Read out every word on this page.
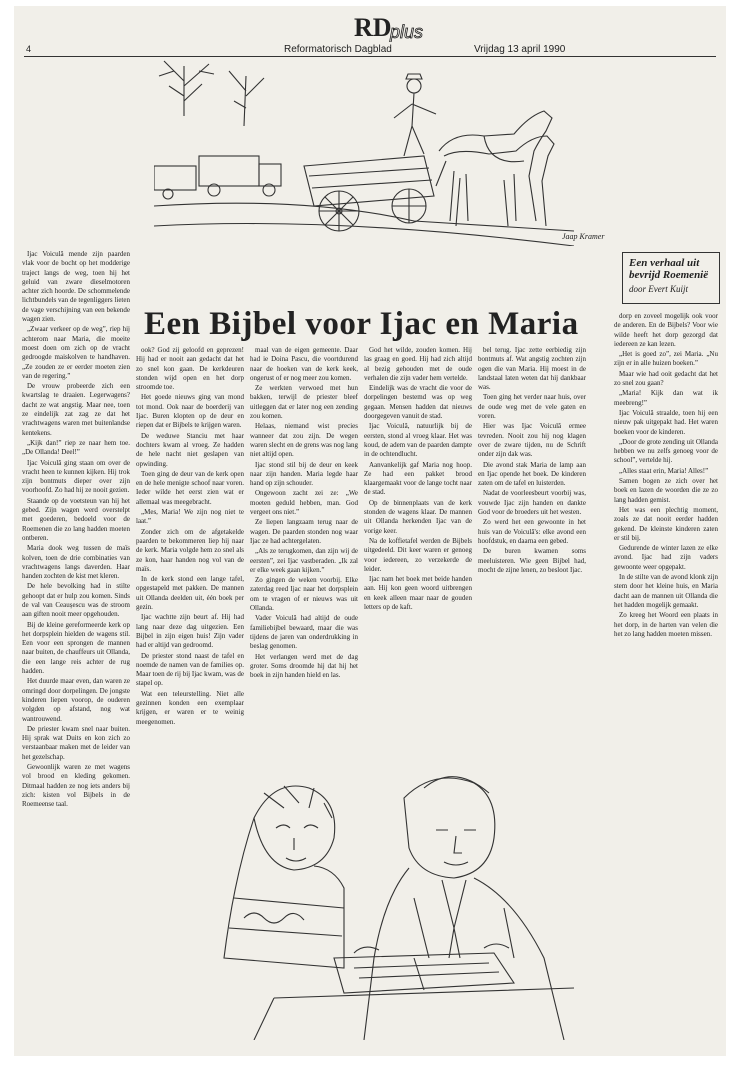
RD
plus
4	Reformatorisch Dagblad	Vrijdag 13 april 1990
Jaap Kramer
Een verhaal uit bevrijd Roemenië
door Evert Kuijt
Een Bijbel voor Ijac en Maria

Ijac Voiculă mende zijn paarden vlak voor de bocht op het modderige traject langs de weg, toen hij het geluid van zware dieselmotoren achter zich hoorde. De schommelende lichtbundels van de tegenliggers lieten de vage verschijning van een bekende wagen zien.

„Zwaar verkeer op de weg”, riep hij achterom naar Maria, die moeite moest doen om zich op de vracht gedroogde maiskolven te handhaven. „Ze zouden ze er eerder moeten zien van de regering.”

De vrouw probeerde zich een kwartslag te draaien. Legerwagens? dacht ze wat angstig. Maar nee, toen ze eindelijk zat zag ze dat het vrachtwagens waren met buitenlandse kentekens.

„Kijk dan!” riep ze naar hem toe. „De Ollanda! Deel!”

Ijac Voiculă ging staan om over de vracht heen te kunnen kijken. Hij trok zijn bontmuts dieper over zijn voorhoofd. Zo had hij ze nooit gezien.

Staande op de voetsteun van hij het gebed. Zijn wagen werd overstelpt met goederen, bedoeld voor de Roemenen die zo lang hadden moeten ontberen.

Maria dook weg tussen de maïs kolven, toen de drie combinaties van vrachtwagens langs daverden. Haar handen zochten de kist met kleren.

De hele bevolking had in stilte gehoopt dat er hulp zou komen. Sinds de val van Ceaușescu was de stroom aan giften nooit meer opgehouden.

Bij de kleine gereformeerde kerk op het dorpsplein hielden de wagens stil. Een voor een sprongen de mannen naar buiten, de chauffeurs uit Ollanda, die een lange reis achter de rug hadden.

Het duurde maar even, dan waren ze omringd door dorpelingen. De jongste kinderen liepen voorop, de ouderen volgden op afstand, nog wat wantrouwend.

De priester kwam snel naar buiten. Hij sprak wat Duits en kon zich zo verstaanbaar maken met de leider van het gezelschap.

Gewoonlijk waren ze met wagens vol brood en kleding gekomen. Ditmaal hadden ze nog iets anders bij zich: kisten vol Bijbels in de Roemeense taal.

ook? God zij geloofd en geprezen! Hij had er nooit aan gedacht dat het zo snel kon gaan. De kerkdeuren stonden wijd open en het dorp stroomde toe.

Het goede nieuws ging van mond tot mond. Ook naar de boerderij van Ijac. Buren klopten op de deur en riepen dat er Bijbels te krijgen waren.

De weduwe Stanciu met haar dochters kwam al vroeg. Ze hadden de hele nacht niet geslapen van opwinding.

Toen ging de deur van de kerk open en de hele menigte schoof naar voren. Ieder wilde het eerst zien wat er allemaal was meegebracht.

„Mes, Maria! We zijn nog niet te laat.”

Zonder zich om de afgetakelde paarden te bekommeren liep hij naar de kerk. Maria volgde hem zo snel als ze kon, haar handen nog vol van de maïs.

In de kerk stond een lange tafel, opgestapeld met pakken. De mannen uit Ollanda deelden uit, één boek per gezin.

Ijac wachtte zijn beurt af. Hij had lang naar deze dag uitgezien. Een Bijbel in zijn eigen huis! Zijn vader had er altijd van gedroomd.

De priester stond naast de tafel en noemde de namen van de families op. Maar toen de rij bij Ijac kwam, was de stapel op.

Wat een teleurstelling. Niet alle gezinnen konden een exemplaar krijgen, er waren er te weinig meegenomen.

maal van de eigen gemeente. Daar had ie Doina Pascu, die voortdurend naar de hoeken van de kerk keek, ongerust of er nog meer zou komen.

Ze werkten verwoed met hun bakken, terwijl de priester bleef uitleggen dat er later nog een zending zou komen.

Helaas, niemand wist precies wanneer dat zou zijn. De wegen waren slecht en de grens was nog lang niet altijd open.

Ijac stond stil bij de deur en keek naar zijn handen. Maria legde haar hand op zijn schouder.

Ongewoon zacht zei ze: „We moeten geduld hebben, man. God vergeet ons niet.”

Ze liepen langzaam terug naar de wagen. De paarden stonden nog waar Ijac ze had achtergelaten.

„Als ze terugkomen, dan zijn wij de eersten”, zei Ijac vastberaden. „Ik zal er elke week gaan kijken.”

Zo gingen de weken voorbij. Elke zaterdag reed Ijac naar het dorpsplein om te vragen of er nieuws was uit Ollanda.

Vader Voiculă had altijd de oude familiebijbel bewaard, maar die was tijdens de jaren van onderdrukking in beslag genomen.

Het verlangen werd met de dag groter. Soms droomde hij dat hij het boek in zijn handen hield en las.

God het wilde, zouden komen. Hij las graag en goed. Hij had zich altijd al bezig gehouden met de oude verhalen die zijn vader hem vertelde.

Eindelijk was de vracht die voor de dorpelingen bestemd was op weg gegaan. Mensen hadden dat nieuws doorgegeven vanuit de stad.

Ijac Voiculă, natuurlijk bij de eersten, stond al vroeg klaar. Het was koud, de adem van de paarden dampte in de ochtendlucht.

Aanvankelijk gaf Maria nog hoop. Ze had een pakket brood klaargemaakt voor de lange tocht naar de stad.

Op de binnenplaats van de kerk stonden de wagens klaar. De mannen uit Ollanda herkenden Ijac van de vorige keer.

Na de koffietafel werden de Bijbels uitgedeeld. Dit keer waren er genoeg voor iedereen, zo verzekerde de leider.

Ijac nam het boek met beide handen aan. Hij kon geen woord uitbrengen en keek alleen maar naar de gouden letters op de kaft.

bel terug. Ijac zette eerbiedig zijn bontmuts af. Wat angstig zochten zijn ogen die van Maria. Hij moest in de landstaal laten weten dat hij dankbaar was.

Toen ging het verder naar huis, over de oude weg met de vele gaten en voren.

Hier was Ijac Voiculă ermee tevreden. Nooit zou hij nog klagen over de zware tijden, nu de Schrift onder zijn dak was.

Die avond stak Maria de lamp aan en Ijac opende het boek. De kinderen zaten om de tafel en luisterden.

Nadat de voorleesbeurt voorbij was, vouwde Ijac zijn handen en dankte God voor de broeders uit het westen.

Zo werd het een gewoonte in het huis van de Voiculă's: elke avond een hoofdstuk, en daarna een gebed.

De buren kwamen soms meeluisteren. Wie geen Bijbel had, mocht de zijne lenen, zo besloot Ijac.

dorp en zoveel mogelijk ook voor de anderen. En de Bijbels? Voor wie wilde heeft het dorp gezorgd dat iedereen ze kan lezen.

„Het is goed zo”, zei Maria. „Nu zijn er in alle huizen boeken.”

Maar wie had ooit gedacht dat het zo snel zou gaan?

„Maria! Kijk dan wat ik meebreng!”

Ijac Voiculă straalde, toen hij een nieuw pak uitgepakt had. Het waren boeken voor de kinderen.

„Door de grote zending uit Ollanda hebben we nu zelfs genoeg voor de school”, vertelde hij.

„Alles staat erin, Maria! Alles!”

Samen bogen ze zich over het boek en lazen de woorden die ze zo lang hadden gemist.

Het was een plechtig moment, zoals ze dat nooit eerder hadden gekend. De kleinste kinderen zaten er stil bij.

Gedurende de winter lazen ze elke avond. Ijac had zijn vaders gewoonte weer opgepakt.

In de stilte van de avond klonk zijn stem door het kleine huis, en Maria dacht aan de mannen uit Ollanda die het hadden mogelijk gemaakt.

Zo kreeg het Woord een plaats in het dorp, in de harten van velen die het zo lang hadden moeten missen.
